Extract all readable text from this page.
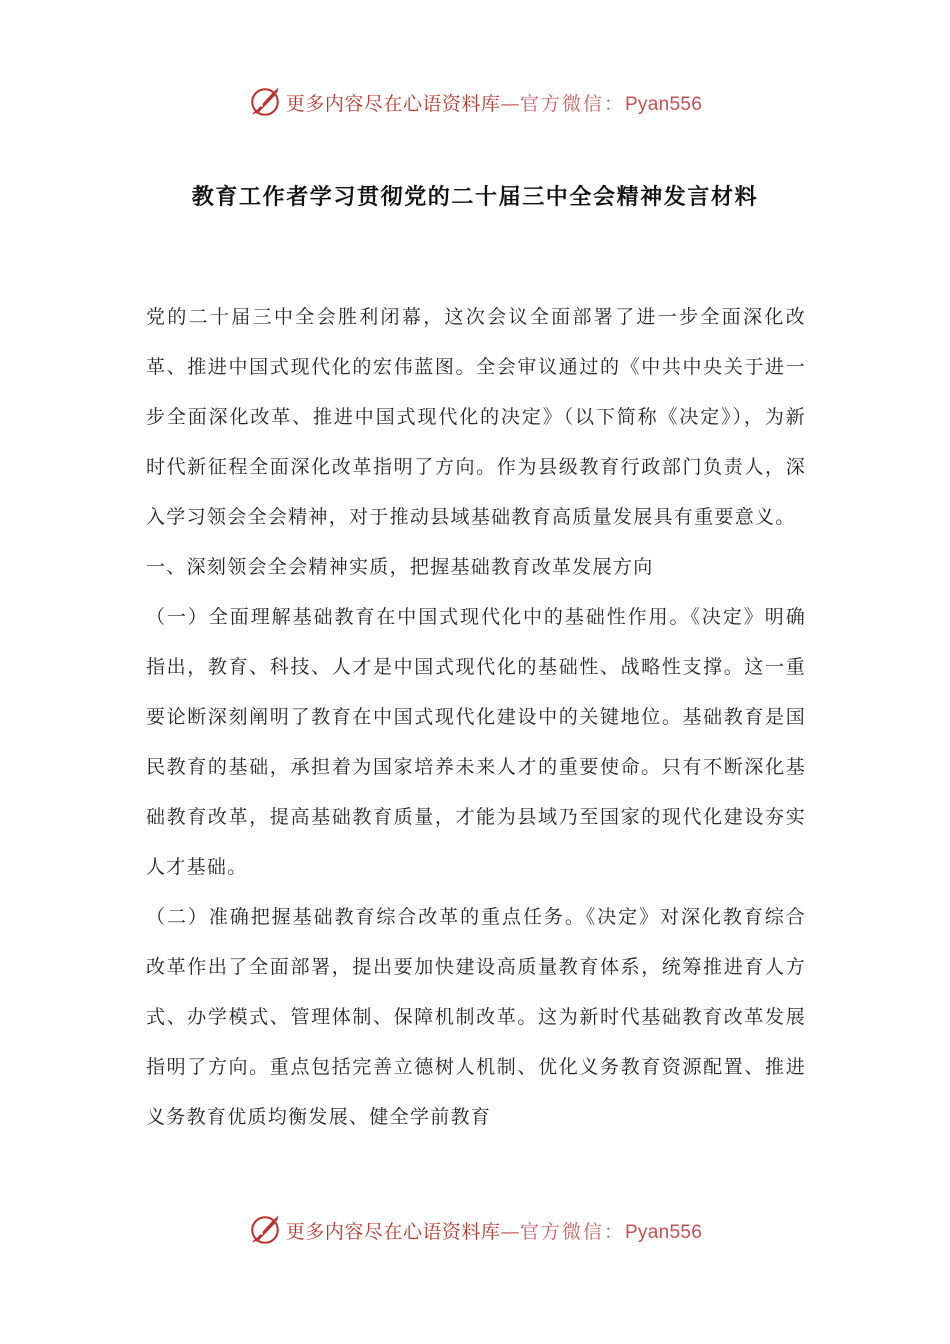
更多内容尽在心语资料库—官方微信：Pyan556
教育工作者学习贯彻党的二十届三中全会精神发言材料

党的二十届三中全会胜利闭幕，这次会议全面部署了进一步全面深化改革、推进中国式现代化的宏伟蓝图。全会审议通过的《中共中央关于进一步全面深化改革、推进中国式现代化的决定》（以下简称《决定》），为新时代新征程全面深化改革指明了方向。作为县级教育行政部门负责人，深入学习领会全会精神，对于推动县域基础教育高质量发展具有重要意义。

一、深刻领会全会精神实质，把握基础教育改革发展方向

（一）全面理解基础教育在中国式现代化中的基础性作用。《决定》明确指出，教育、科技、人才是中国式现代化的基础性、战略性支撑。这一重要论断深刻阐明了教育在中国式现代化建设中的关键地位。基础教育是国民教育的基础，承担着为国家培养未来人才的重要使命。只有不断深化基础教育改革，提高基础教育质量，才能为县域乃至国家的现代化建设夯实人才基础。

（二）准确把握基础教育综合改革的重点任务。《决定》对深化教育综合改革作出了全面部署，提出要加快建设高质量教育体系，统筹推进育人方式、办学模式、管理体制、保障机制改革。这为新时代基础教育改革发展指明了方向。重点包括完善立德树人机制、优化义务教育资源配置、推进义务教育优质均衡发展、健全学前教育

更多内容尽在心语资料库—官方微信：Pyan556
